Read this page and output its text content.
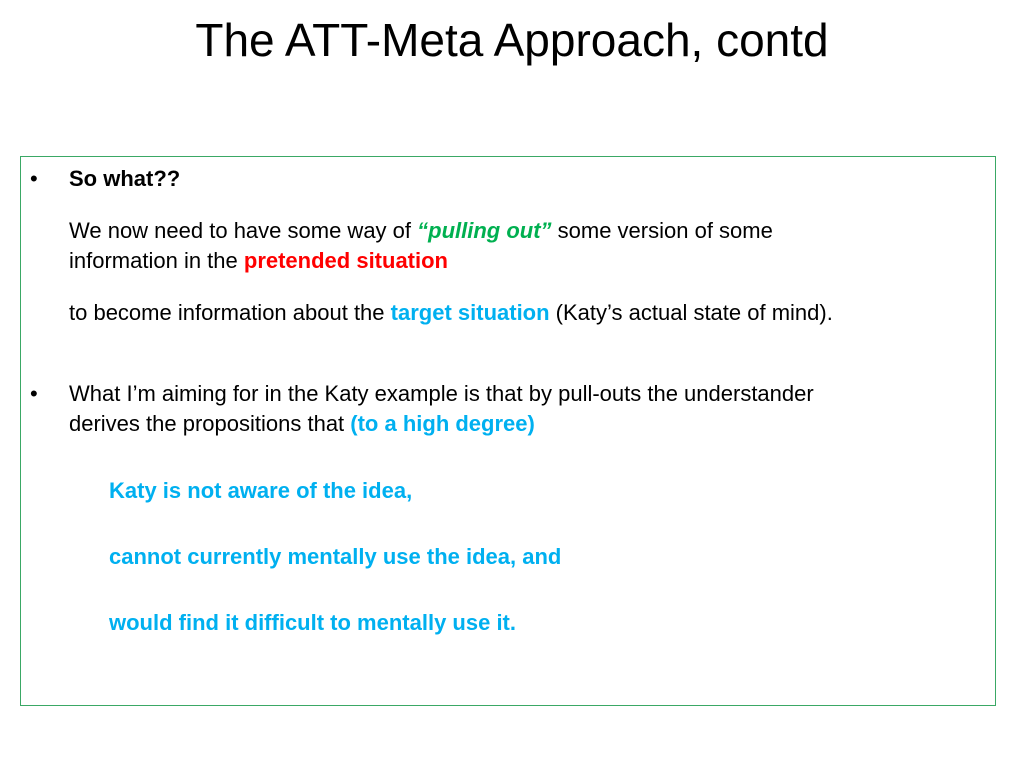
The ATT-Meta Approach, contd
• So what??
We now need to have some way of “pulling out” some version of some
information in the pretended situation
to become information about the target situation (Katy’s actual state of mind).
• What I’m aiming for in the Katy example is that by pull-outs the understander
derives the propositions that (to a high degree)
Katy is not aware of the idea,
cannot currently mentally use the idea, and
would find it difficult to mentally use it.
